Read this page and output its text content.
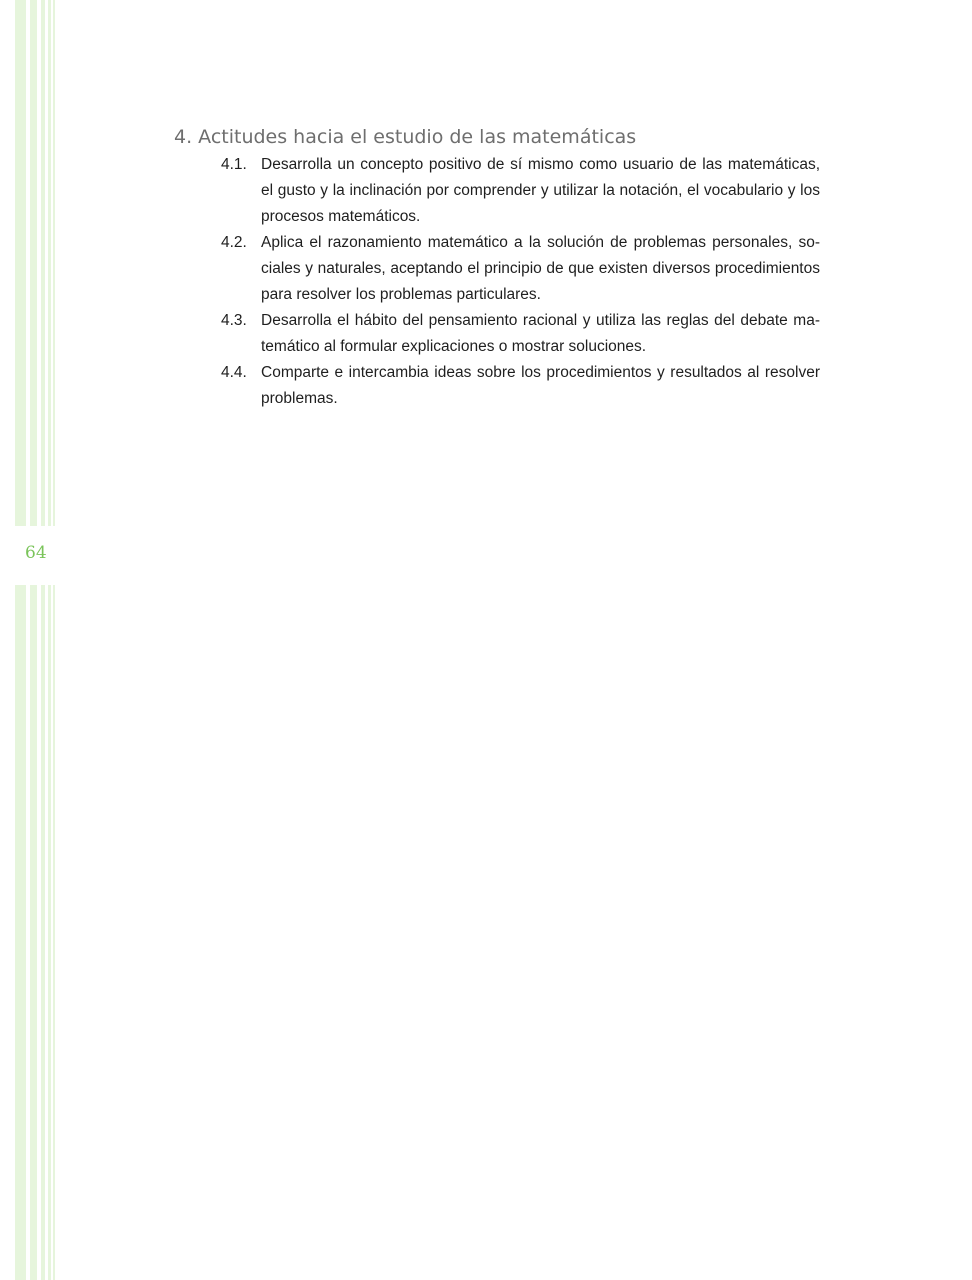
64
4. Actitudes hacia el estudio de las matemáticas
4.1. Desarrolla un concepto positivo de sí mismo como usuario de las matemáticas, el gusto y la inclinación por comprender y utilizar la notación, el vocabulario y los procesos matemáticos.
4.2. Aplica el razonamiento matemático a la solución de problemas personales, sociales y naturales, aceptando el principio de que existen diversos procedimientos para resolver los problemas particulares.
4.3. Desarrolla el hábito del pensamiento racional y utiliza las reglas del debate matemático al formular explicaciones o mostrar soluciones.
4.4. Comparte e intercambia ideas sobre los procedimientos y resultados al resolver problemas.
